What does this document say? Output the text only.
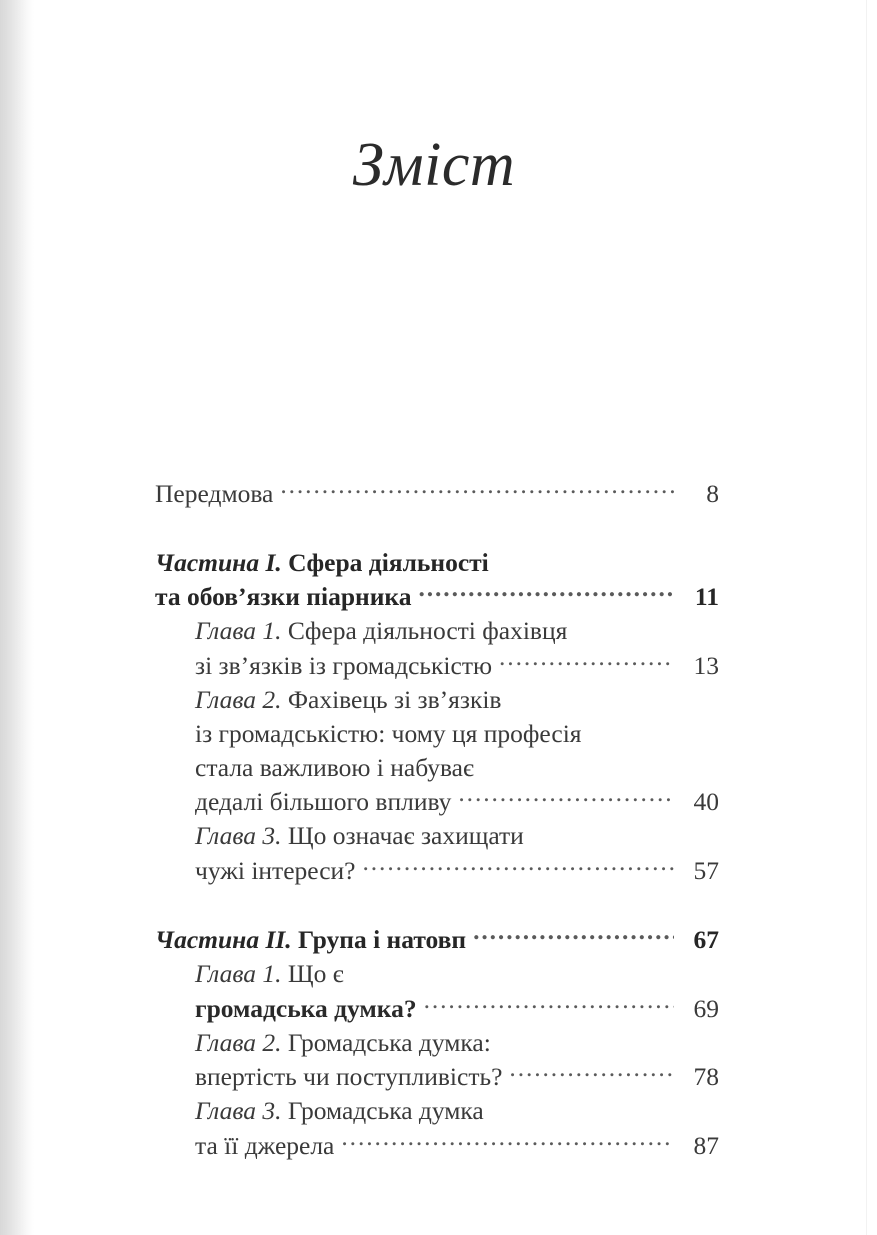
Зміст
Передмова .....	8
Частина I. Сфера діяльності
та обов’язки піарника .....	11
Глава 1. Сфера діяльності фахівця
зі зв’язків із громадськістю .....	13
Глава 2. Фахівець зі зв’язків
із громадськістю: чому ця професія
стала важливою і набуває
дедалі більшого впливу .....	40
Глава 3. Що означає захищати
чужі інтереси? .....	57
Частина II. Група і натовп .....	67
Глава 1. Що є
громадська думка? .....	69
Глава 2. Громадська думка:
впертість чи поступливість? .....	78
Глава 3. Громадська думка
та її джерела .....	87
